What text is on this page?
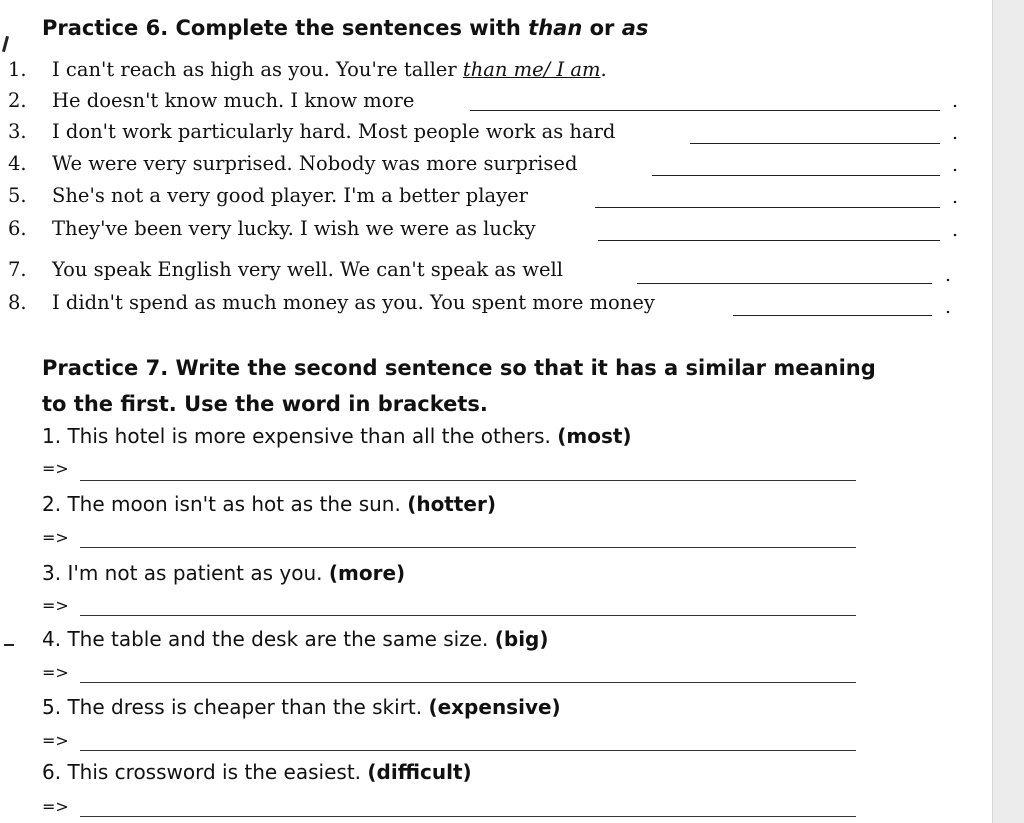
Practice 6. Complete the sentences with than or as
1. I can't reach as high as you. You're taller than me/ I am.
2. He doesn't know much. I know more	.
3. I don't work particularly hard. Most people work as hard	.
4. We were very surprised. Nobody was more surprised	.
5. She's not a very good player. I'm a better player	.
6. They've been very lucky. I wish we were as lucky	.
7. You speak English very well. We can't speak as well	.
8. I didn't spend as much money as you. You spent more money	.
Practice 7. Write the second sentence so that it has a similar meaning
to the first. Use the word in brackets.
1. This hotel is more expensive than all the others. (most)
=>
2. The moon isn't as hot as the sun. (hotter)
=>
3. I'm not as patient as you. (more)
=>
4. The table and the desk are the same size. (big)
=>
5. The dress is cheaper than the skirt. (expensive)
=>
6. This crossword is the easiest. (difficult)
=>
